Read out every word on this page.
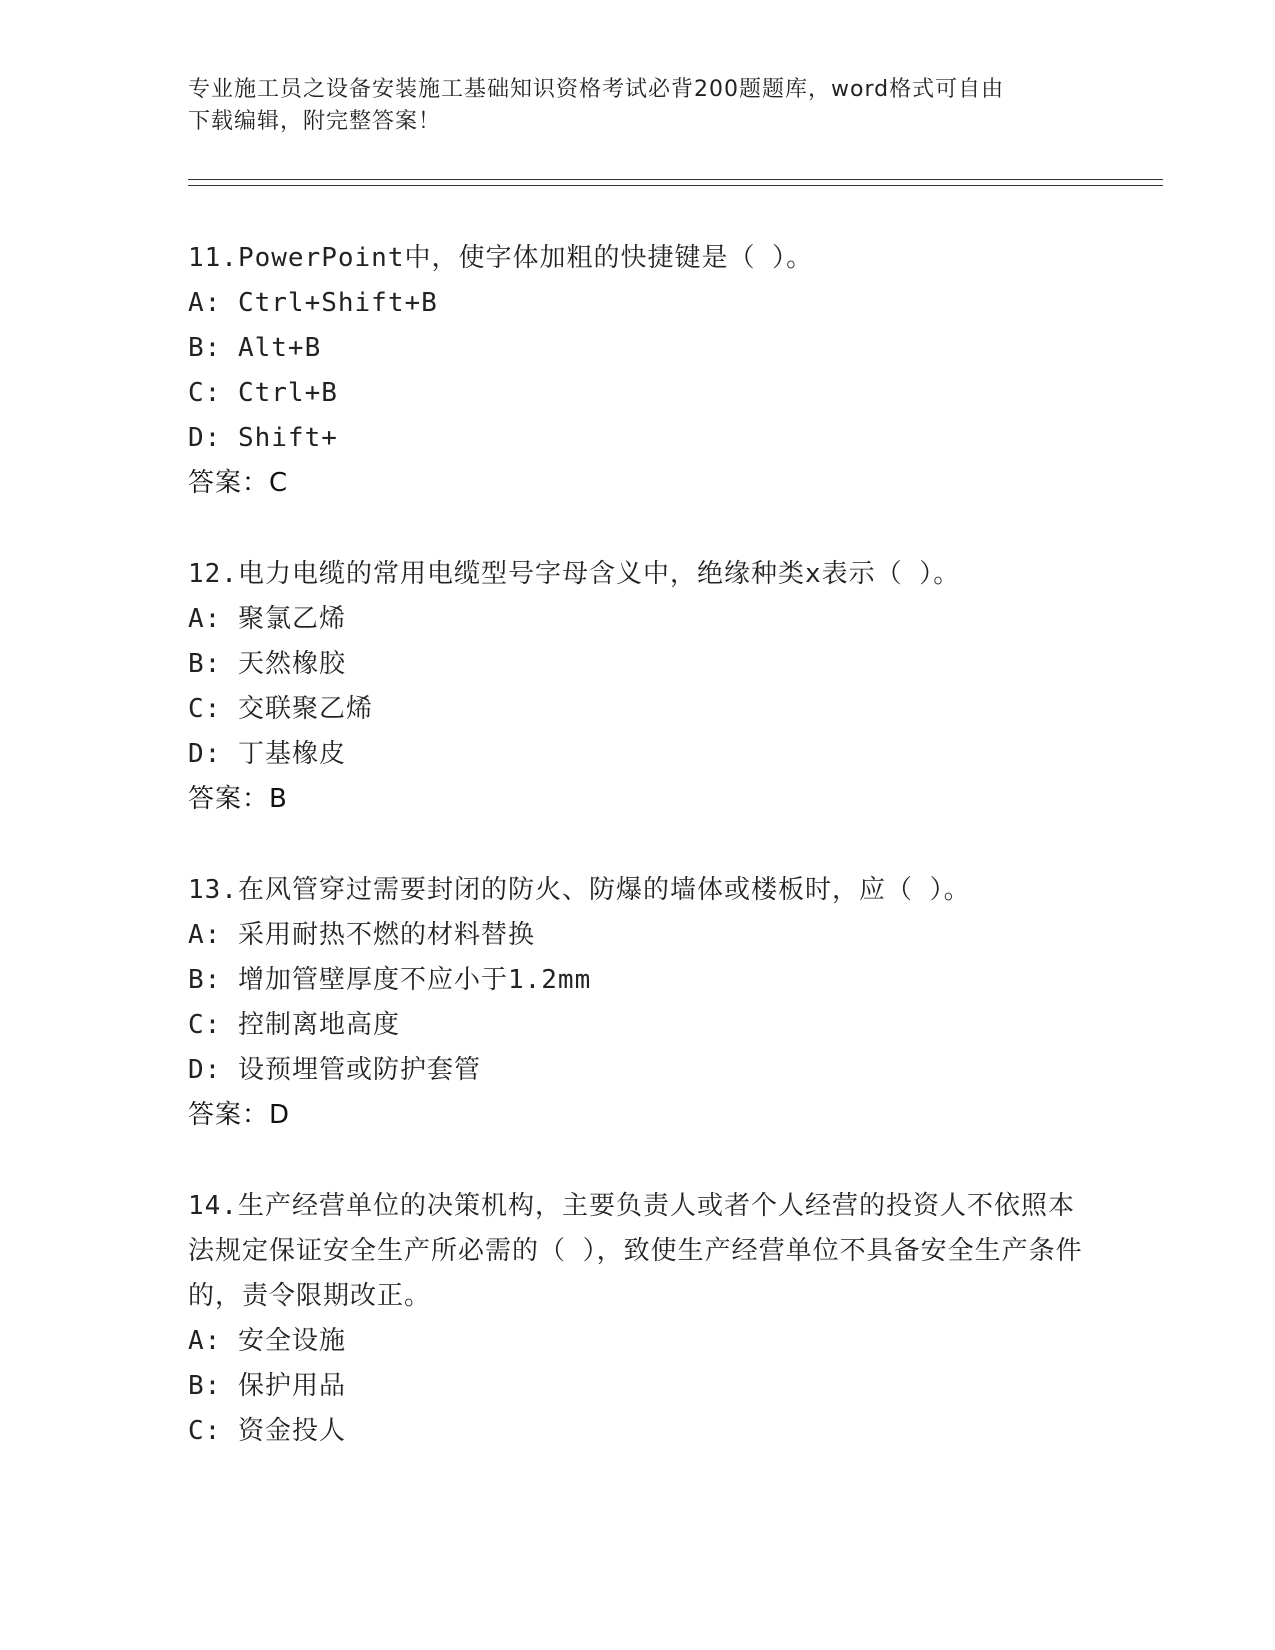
专业施工员之设备安装施工基础知识资格考试必背200题题库，word格式可自由
下载编辑，附完整答案！
11.PowerPoint中，使字体加粗的快捷键是（ ）。
A: Ctrl+Shift+B
B: Alt+B
C: Ctrl+B
D: Shift+
答案：C
12.电力电缆的常用电缆型号字母含义中，绝缘种类x表示（ ）。
A: 聚氯乙烯
B: 天然橡胶
C: 交联聚乙烯
D: 丁基橡皮
答案：B
13.在风管穿过需要封闭的防火、防爆的墙体或楼板时，应（ ）。
A: 采用耐热不燃的材料替换
B: 增加管壁厚度不应小于1.2mm
C: 控制离地高度
D: 设预埋管或防护套管
答案：D
14.生产经营单位的决策机构，主要负责人或者个人经营的投资人不依照本法规定保证安全生产所必需的（ ），致使生产经营单位不具备安全生产条件的，责令限期改正。
A: 安全设施
B: 保护用品
C: 资金投人
